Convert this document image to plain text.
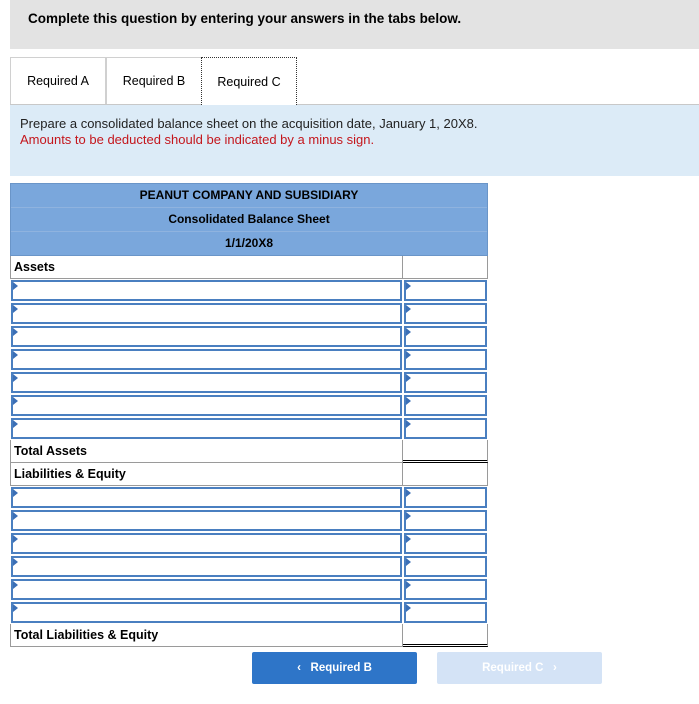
Complete this question by entering your answers in the tabs below.
Required A	Required B	Required C
Prepare a consolidated balance sheet on the acquisition date, January 1, 20X8.
Amounts to be deducted should be indicated by a minus sign.
PEANUT COMPANY AND SUBSIDIARY
Consolidated Balance Sheet
1/1/20X8
Assets
Total Assets
Liabilities & Equity
Total Liabilities & Equity
‹ Required B	Required C ›
